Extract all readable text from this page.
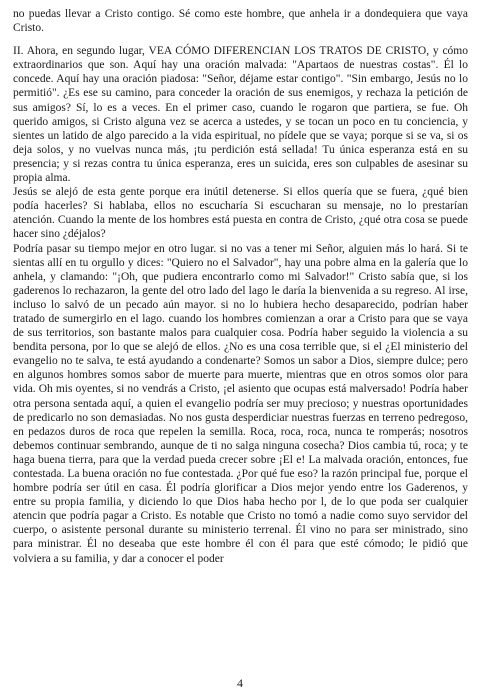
no puedas llevar a Cristo contigo. Sé como este hombre, que anhela ir a dondequiera que vaya Cristo.

II. Ahora, en segundo lugar, VEA CÓMO DIFERENCIAN LOS TRATOS DE CRISTO, y cómo extraordinarios que son. Aquí hay una oración malvada: "Apartaos de nuestras costas". Él lo concede. Aquí hay una oración piadosa: "Señor, déjame estar contigo". "Sin embargo, Jesús no lo permitió". ¿Es ese su camino, para conceder la oración de sus enemigos, y rechaza la petición de sus amigos? Sí, lo es a veces. En el primer caso, cuando le rogaron que partiera, se fue. Oh querido amigos, si Cristo alguna vez se acerca a ustedes, y se tocan un poco en tu conciencia, y sientes un latido de algo parecido a la vida espiritual, no pídele que se vaya; porque si se va, si os deja solos, y no vuelvas nunca más, ¡tu perdición está sellada! Tu única esperanza está en su presencia; y si rezas contra tu única esperanza, eres un suicida, eres son culpables de asesinar su propia alma.

Jesús se alejó de esta gente porque era inútil detenerse. Si ellos quería que se fuera, ¿qué bien podía hacerles? Si hablaba, ellos no escucharía Si escucharan su mensaje, no lo prestarían atención. Cuando la mente de los hombres está puesta en contra de Cristo, ¿qué otra cosa se puede hacer sino ¿déjalos?

Podría pasar su tiempo mejor en otro lugar. si no vas a tener mi Señor, alguien más lo hará. Si te sientas allí en tu orgullo y dices: "Quiero no el Salvador", hay una pobre alma en la galería que lo anhela, y clamando: "¡Oh, que pudiera encontrarlo como mi Salvador!" Cristo sabía que, si los gaderenos lo rechazaron, la gente del otro lado del lago le daría la bienvenida a su regreso. Al irse, incluso lo salvó de un pecado aún mayor. si no lo hubiera hecho desaparecido, podrían haber tratado de sumergirlo en el lago. cuando los hombres comienzan a orar a Cristo para que se vaya de sus territorios, son bastante malos para cualquier cosa. Podría haber seguido la violencia a su bendita persona, por lo que se alejó de ellos. ¿No es una cosa terrible que, si el ¿El ministerio del evangelio no te salva, te está ayudando a condenarte? Somos un sabor a Dios, siempre dulce; pero en algunos hombres somos sabor de muerte para muerte, mientras que en otros somos olor para vida. Oh mis oyentes, si no vendrás a Cristo, ¡el asiento que ocupas está malversado! Podría haber otra persona sentada aquí, a quien el evangelio podría ser muy precioso; y nuestras oportunidades de predicarlo no son demasiadas. No nos gusta desperdiciar nuestras fuerzas en terreno pedregoso, en pedazos duros de roca que repelen la semilla. Roca, roca, roca, nunca te romperás; nosotros debemos continuar sembrando, aunque de ti no salga ninguna cosecha? Dios cambia tú, roca; y te haga buena tierra, para que la verdad pueda crecer sobre ¡El e! La malvada oración, entonces, fue contestada. La buena oración no fue contestada. ¿Por qué fue eso? la razón principal fue, porque el hombre podría ser útil en casa. Él podría glorificar a Dios mejor yendo entre los Gaderenos, y entre su propia familia, y diciendo lo que Dios haba hecho por l, de lo que poda ser cualquier atencin que podría pagar a Cristo. Es notable que Cristo no tomó a nadie como suyo servidor del cuerpo, o asistente personal durante su ministerio terrenal. Él vino no para ser ministrado, sino para ministrar. Él no deseaba que este hombre él con él para que esté cómodo; le pidió que volviera a su familia, y dar a conocer el poder

4
